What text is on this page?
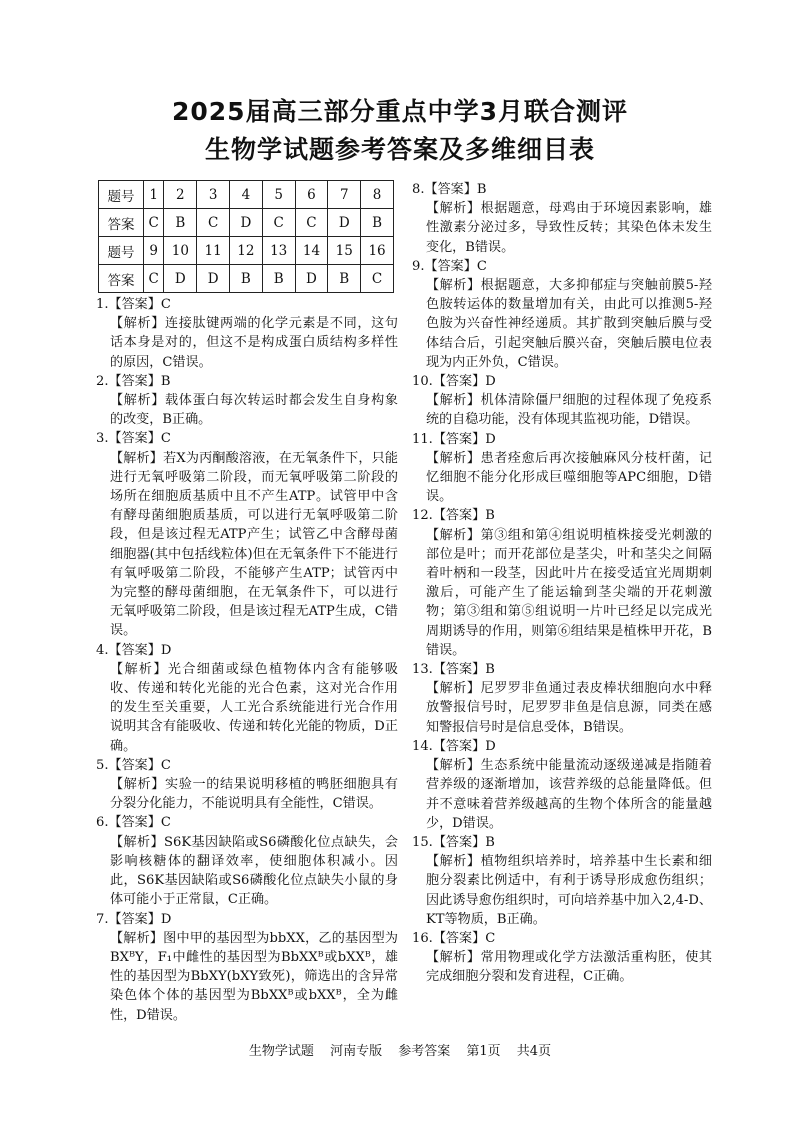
2025届高三部分重点中学3月联合测评
生物学试题参考答案及多维细目表
题号	1	2	3	4	5	6	7	8
答案	C	B	C	D	C	C	D	B
题号	9	10	11	12	13	14	15	16
答案	C	D	D	B	B	D	B	C
1.【答案】C
【解析】连接肽键两端的化学元素是不同，这句话本身是对的，但这不是构成蛋白质结构多样性的原因，C错误。
2.【答案】B
【解析】载体蛋白每次转运时都会发生自身构象的改变，B正确。
3.【答案】C
【解析】若X为丙酮酸溶液，在无氧条件下，只能进行无氧呼吸第二阶段，而无氧呼吸第二阶段的场所在细胞质基质中且不产生ATP。试管甲中含有酵母菌细胞质基质，可以进行无氧呼吸第二阶段，但是该过程无ATP产生；试管乙中含酵母菌细胞器(其中包括线粒体)但在无氧条件下不能进行有氧呼吸第二阶段，不能够产生ATP；试管丙中为完整的酵母菌细胞，在无氧条件下，可以进行无氧呼吸第二阶段，但是该过程无ATP生成，C错误。
4.【答案】D
【解析】光合细菌或绿色植物体内含有能够吸收、传递和转化光能的光合色素，这对光合作用的发生至关重要，人工光合系统能进行光合作用说明其含有能吸收、传递和转化光能的物质，D正确。
5.【答案】C
【解析】实验一的结果说明移植的鸭胚细胞具有分裂分化能力，不能说明具有全能性，C错误。
6.【答案】C
【解析】S6K基因缺陷或S6磷酸化位点缺失，会影响核糖体的翻译效率，使细胞体积减小。因此，S6K基因缺陷或S6磷酸化位点缺失小鼠的身体可能小于正常鼠，C正确。
7.【答案】D
【解析】图中甲的基因型为bbXX，乙的基因型为BXᴮY，F₁中雌性的基因型为BbXXᴮ或bXXᴮ，雄性的基因型为BbXY(bXY致死)，筛选出的含异常染色体个体的基因型为BbXXᴮ或bXXᴮ，全为雌性，D错误。
8.【答案】B
【解析】根据题意，母鸡由于环境因素影响，雄性激素分泌过多，导致性反转；其染色体未发生变化，B错误。
9.【答案】C
【解析】根据题意，大多抑郁症与突触前膜5-羟色胺转运体的数量增加有关，由此可以推测5-羟色胺为兴奋性神经递质。其扩散到突触后膜与受体结合后，引起突触后膜兴奋，突触后膜电位表现为内正外负，C错误。
10.【答案】D
【解析】机体清除僵尸细胞的过程体现了免疫系统的自稳功能，没有体现其监视功能，D错误。
11.【答案】D
【解析】患者痊愈后再次接触麻风分枝杆菌，记忆细胞不能分化形成巨噬细胞等APC细胞，D错误。
12.【答案】B
【解析】第③组和第④组说明植株接受光刺激的部位是叶；而开花部位是茎尖，叶和茎尖之间隔着叶柄和一段茎，因此叶片在接受适宜光周期刺激后，可能产生了能运输到茎尖端的开花刺激物；第③组和第⑤组说明一片叶已经足以完成光周期诱导的作用，则第⑥组结果是植株甲开花，B错误。
13.【答案】B
【解析】尼罗罗非鱼通过表皮棒状细胞向水中释放警报信号时，尼罗罗非鱼是信息源，同类在感知警报信号时是信息受体，B错误。
14.【答案】D
【解析】生态系统中能量流动逐级递减是指随着营养级的逐渐增加，该营养级的总能量降低。但并不意味着营养级越高的生物个体所含的能量越少，D错误。
15.【答案】B
【解析】植物组织培养时，培养基中生长素和细胞分裂素比例适中，有利于诱导形成愈伤组织；因此诱导愈伤组织时，可向培养基中加入2,4-D、KT等物质，B正确。
16.【答案】C
【解析】常用物理或化学方法激活重构胚，使其完成细胞分裂和发育进程，C正确。
生物学试题 河南专版 参考答案 第1页 共4页
